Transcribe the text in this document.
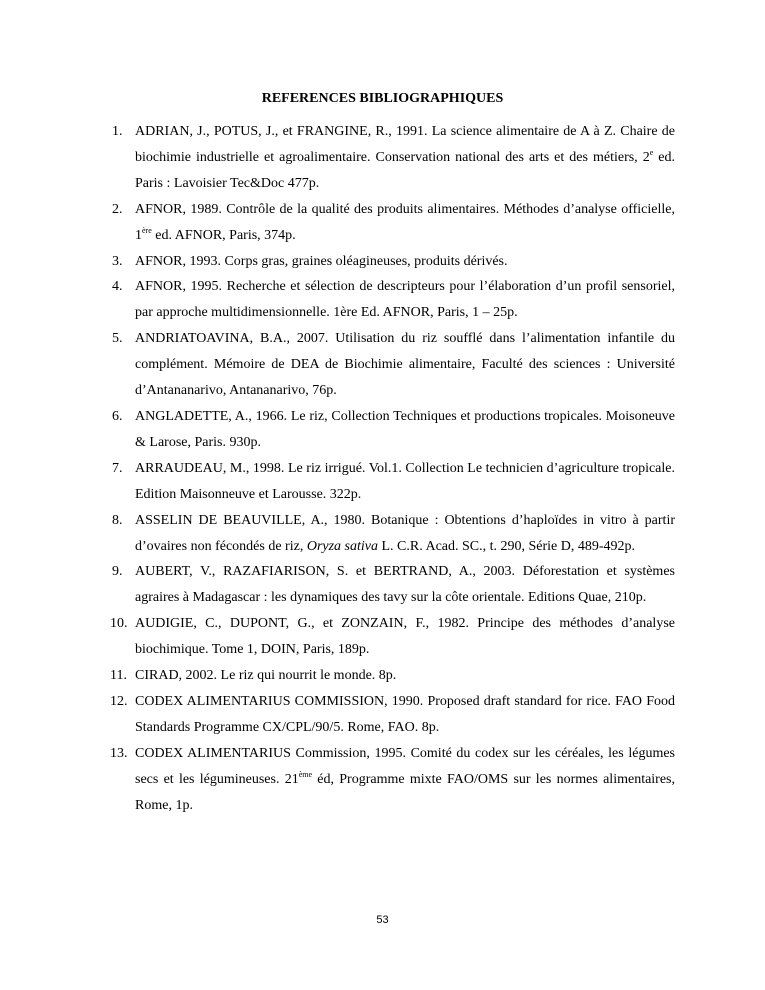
REFERENCES BIBLIOGRAPHIQUES
1. ADRIAN, J., POTUS, J., et FRANGINE, R., 1991. La science alimentaire de A à Z. Chaire de biochimie industrielle et agroalimentaire. Conservation national des arts et des métiers, 2e ed. Paris : Lavoisier Tec&Doc 477p.
2. AFNOR, 1989. Contrôle de la qualité des produits alimentaires. Méthodes d’analyse officielle, 1ère ed. AFNOR, Paris, 374p.
3. AFNOR, 1993. Corps gras, graines oléagineuses, produits dérivés.
4. AFNOR, 1995. Recherche et sélection de descripteurs pour l’élaboration d’un profil sensoriel, par approche multidimensionnelle. 1ère Ed. AFNOR, Paris, 1 – 25p.
5. ANDRIATOAVINA, B.A., 2007. Utilisation du riz soufflé dans l’alimentation infantile du complément. Mémoire de DEA de Biochimie alimentaire, Faculté des sciences : Université d’Antananarivo, Antananarivo, 76p.
6. ANGLADETTE, A., 1966. Le riz, Collection Techniques et productions tropicales. Moisoneuve & Larose, Paris. 930p.
7. ARRAUDEAU, M., 1998. Le riz irrigué. Vol.1. Collection Le technicien d’agriculture tropicale. Edition Maisonneuve et Larousse. 322p.
8. ASSELIN DE BEAUVILLE, A., 1980. Botanique : Obtentions d’haploïdes in vitro à partir d’ovaires non fécondés de riz, Oryza sativa L. C.R. Acad. SC., t. 290, Série D, 489-492p.
9. AUBERT, V., RAZAFIARISON, S. et BERTRAND, A., 2003. Déforestation et systèmes agraires à Madagascar : les dynamiques des tavy sur la côte orientale. Editions Quae, 210p.
10. AUDIGIE, C., DUPONT, G., et ZONZAIN, F., 1982. Principe des méthodes d’analyse biochimique. Tome 1, DOIN, Paris, 189p.
11. CIRAD, 2002. Le riz qui nourrit le monde. 8p.
12. CODEX ALIMENTARIUS COMMISSION, 1990. Proposed draft standard for rice. FAO Food Standards Programme CX/CPL/90/5. Rome, FAO. 8p.
13. CODEX ALIMENTARIUS Commission, 1995. Comité du codex sur les céréales, les légumes secs et les légumineuses. 21ème éd, Programme mixte FAO/OMS sur les normes alimentaires, Rome, 1p.
53
